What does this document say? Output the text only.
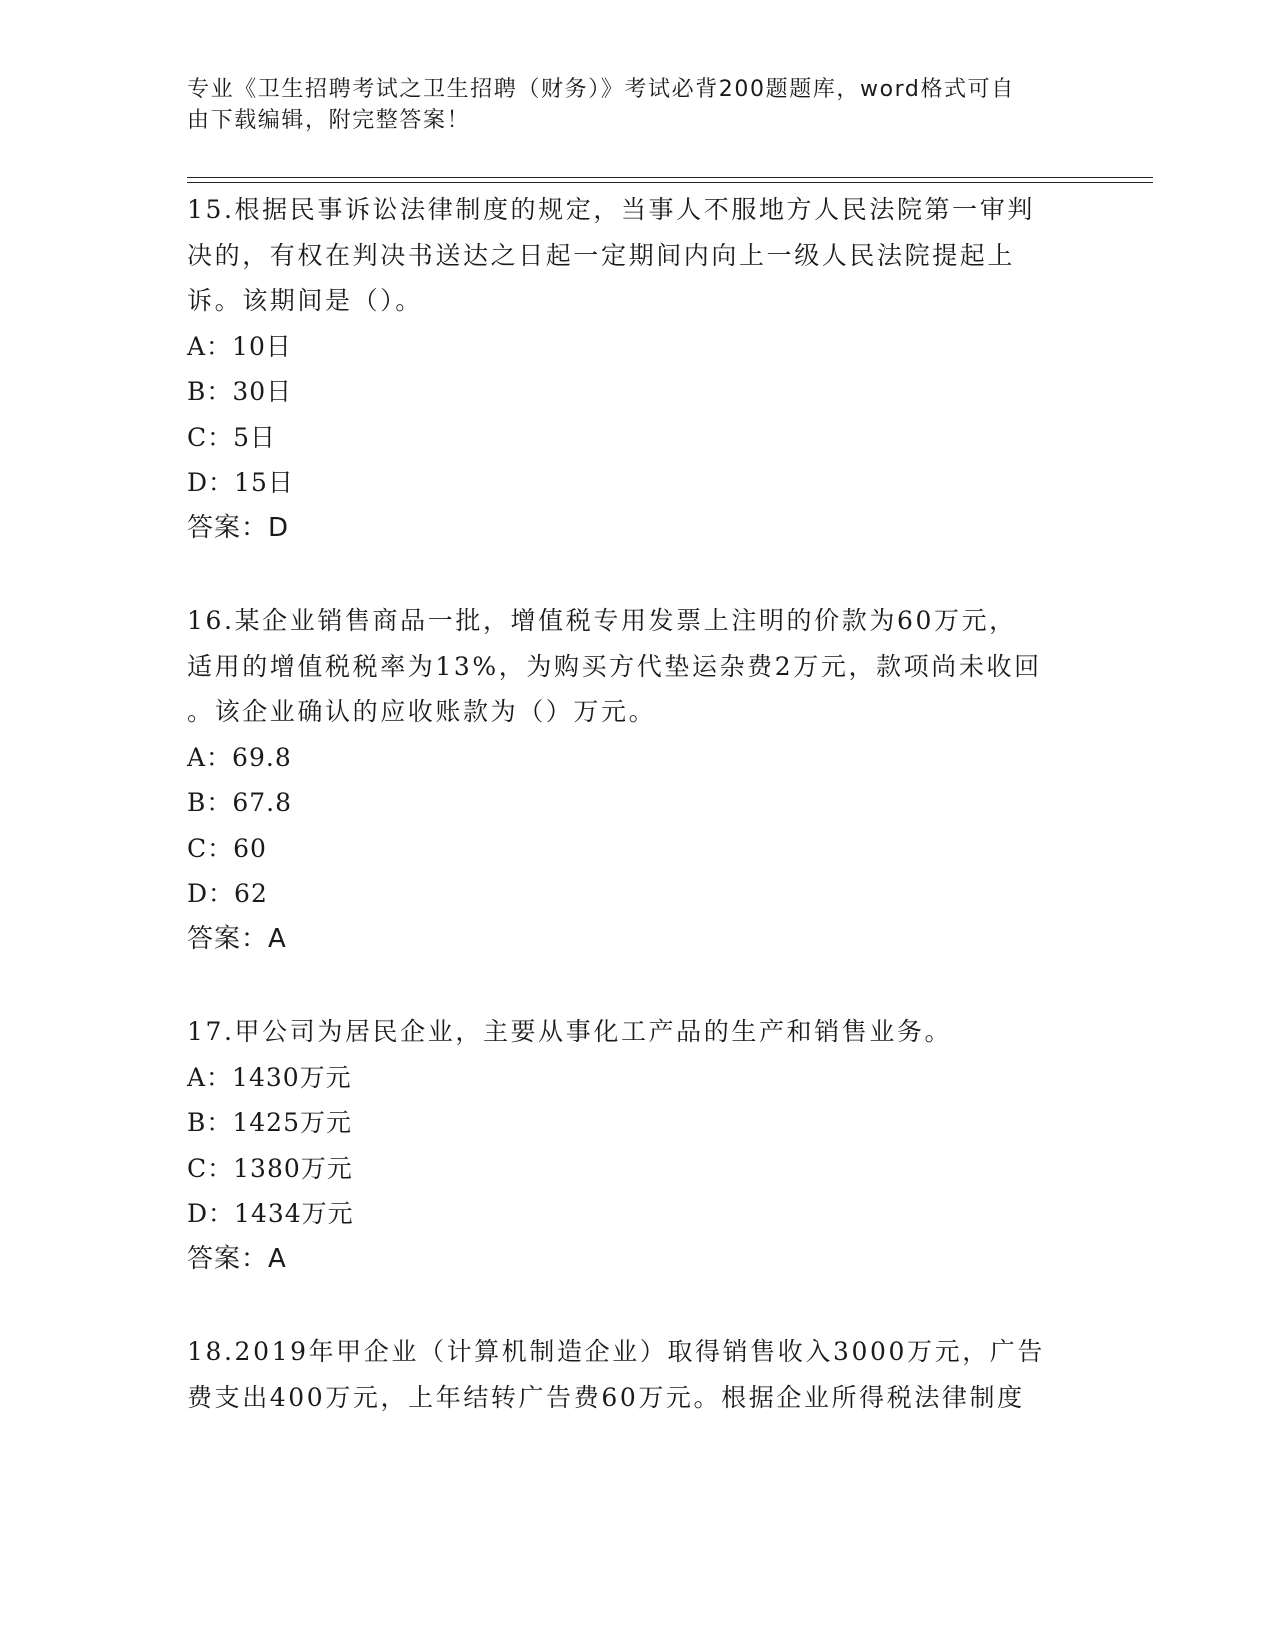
专业《卫生招聘考试之卫生招聘（财务）》考试必背200题题库，word格式可自
由下载编辑，附完整答案！

15.根据民事诉讼法律制度的规定，当事人不服地方人民法院第一审判

决的，有权在判决书送达之日起一定期间内向上一级人民法院提起上

诉。该期间是（）。

A：10日

B：30日

C：5日

D：15日

答案：D

16.某企业销售商品一批，增值税专用发票上注明的价款为60万元，

适用的增值税税率为13%，为购买方代垫运杂费2万元，款项尚未收回

。该企业确认的应收账款为（）万元。

A：69.8

B：67.8

C：60

D：62

答案：A

17.甲公司为居民企业，主要从事化工产品的生产和销售业务。

A：1430万元

B：1425万元

C：1380万元

D：1434万元

答案：A

18.2019年甲企业（计算机制造企业）取得销售收入3000万元，广告

费支出400万元，上年结转广告费60万元。根据企业所得税法律制度
